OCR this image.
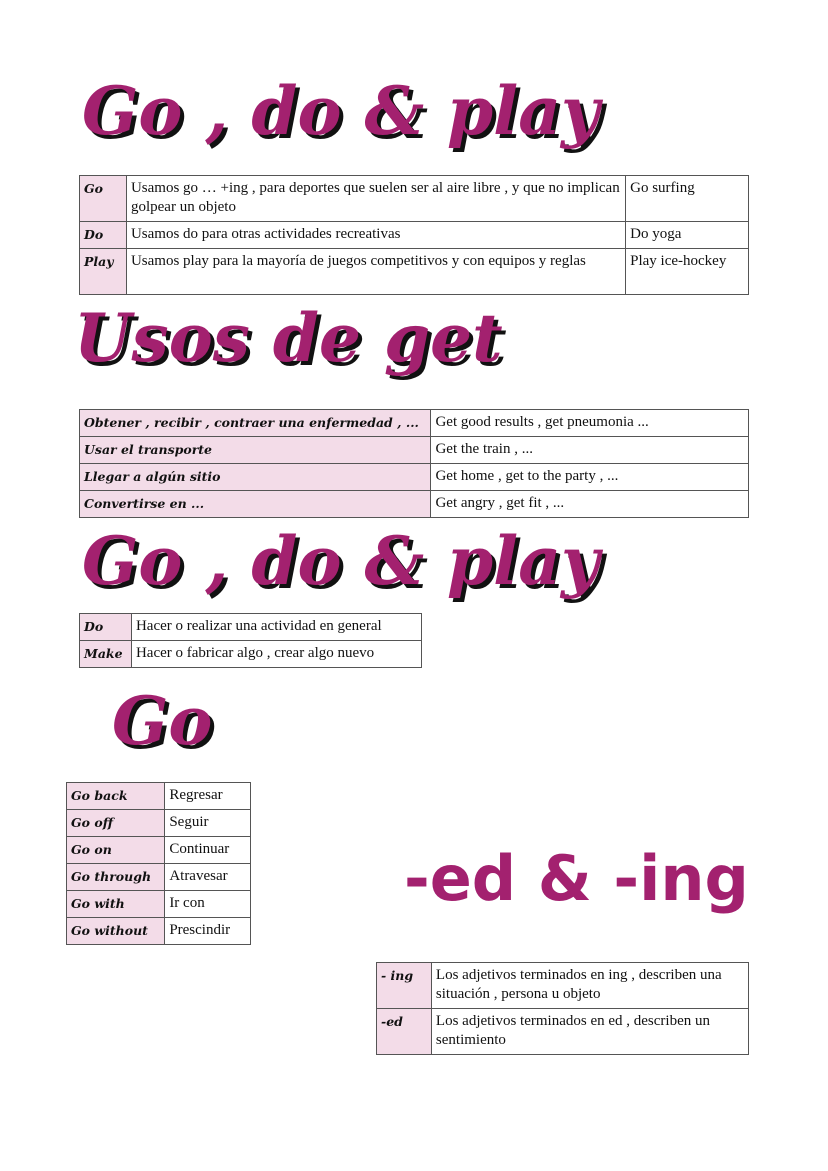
Go , do & play
Go	Usamos go … +ing , para deportes que suelen ser al aire libre , y que no implican golpear un objeto	Go surfing
Do	Usamos do para otras actividades recreativas	Do yoga
Play	Usamos play para la mayoría de juegos competitivos y con equipos y reglas	Play ice-hockey
Usos de get
Obtener , recibir , contraer una enfermedad , ...	Get good results , get pneumonia ...
Usar el transporte	Get the train , ...
Llegar a algún sitio	Get home , get to the party , ...
Convertirse en ...	Get angry , get fit , ...
Go , do & play
Do	Hacer o realizar una actividad en general
Make	Hacer o fabricar algo , crear algo nuevo
Go
Go back	Regresar
Go off	Seguir
Go on	Continuar
Go through	Atravesar
Go with	Ir con
Go without	Prescindir
-ed & -ing
- ing	Los adjetivos terminados en ing , describen una situación , persona u objeto
-ed	Los adjetivos terminados en ed , describen un sentimiento
